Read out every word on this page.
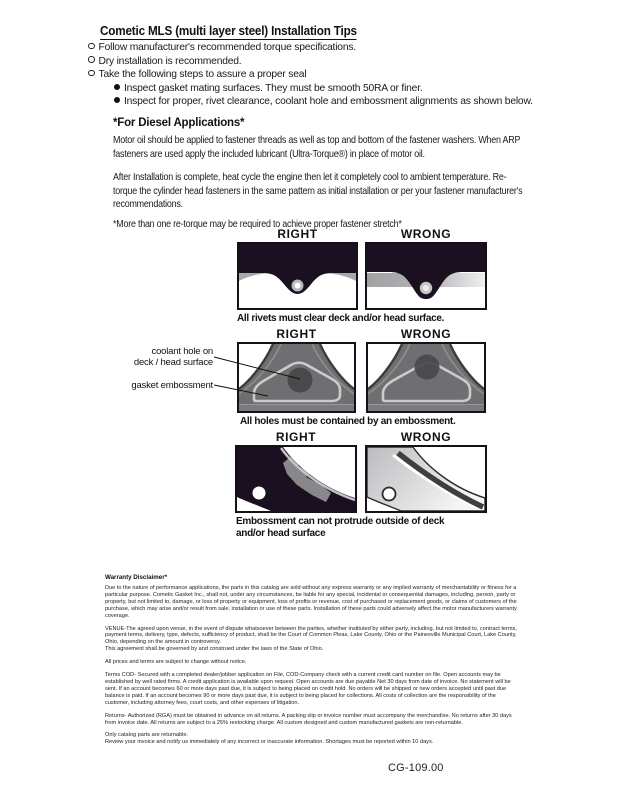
Cometic MLS (multi layer steel) Installation Tips
Follow manufacturer's recommended torque specifications.
Dry installation is recommended.
Take the following steps to assure a proper seal
Inspect gasket mating surfaces. They must be smooth 50RA or finer.
Inspect for proper, rivet clearance, coolant hole and embossment alignments as shown below.
*For Diesel Applications*
Motor oil should be applied to fastener threads as well as top and bottom of the fastener washers. When ARP fasteners are used apply the included lubricant (Ultra-Torque®) in place of motor oil.
After Installation is complete, heat cycle the engine then let it completely cool to ambient temperature. Re-torque the cylinder head fasteners in the same pattern as initial installation or per your fastener manufacturer's recommendations.
*More than one re-torque may be required to achieve proper fastener stretch*
RIGHT	WRONG
All rivets must clear deck and/or head surface.
RIGHT	WRONG
All holes must be contained by an embossment.
coolant hole on
deck / head surface
gasket embossment
RIGHT	WRONG
Embossment can not protrude outside of deck
and/or head surface
Warranty Disclaimer*

Due to the nature of performance applications, the parts in this catalog are sold without any express warranty or any implied warranty of merchantability or fitness for a particular purpose. Cometic Gasket Inc., shall not, under any circumstances, be liable for any special, incidental or consequential damages, including, person, party or property, but not limited to, damage, or loss of property or equipment, loss of profits or revenue, cost of purchased or replacement goods, or claims of customers of the purchase, which may arise and/or result from sale, installation or use of these parts. Installation of these parts could adversely affect the motor manufacturers warranty coverage.

VENUE-The agreed upon venue, in the event of dispute whatsoever between the parties, whether instituted by either party, including, but not limited to, contract terms, payment terms, delivery, type, defects, sufficiency of product, shall be the Court of Common Pleas, Lake County, Ohio or the Painesville Municipal Court, Lake County, Ohio, depending on the amount in controversy.

This agreement shall be governed by and construed under the laws of the State of Ohio.

All prices and terms are subject to change without notice.

Terms COD- Secured with a completed dealer/jobber application on File, COD-Company check with a current credit card number on file. Open accounts may be established by well rated firms. A credit application is available upon request. Open accounts are due payable Net 30 days from date of invoice. No statement will be sent. If an account becomes 60 or more days past due, it is subject to being placed on credit hold. No orders will be shipped or new orders accepted until past due balance is paid. If an account becomes 90 or more days past due, it is subject to being placed for collections. All costs of collection are the responsibility of the customer, including attorney fees, court costs, and other expenses of litigation.

Returns- Authorized (RGA) must be obtained in advance on all returns. A packing slip or invoice number must accompany the merchandise. No returns after 30 days from invoice date. All returns are subject to a 25% restocking charge. All custom designed and custom manufactured gaskets are non-returnable.

Only catalog parts are returnable.

Review your invoice and notify us immediately of any incorrect or inaccurate information. Shortages must be reported within 10 days.

CG-109.00
